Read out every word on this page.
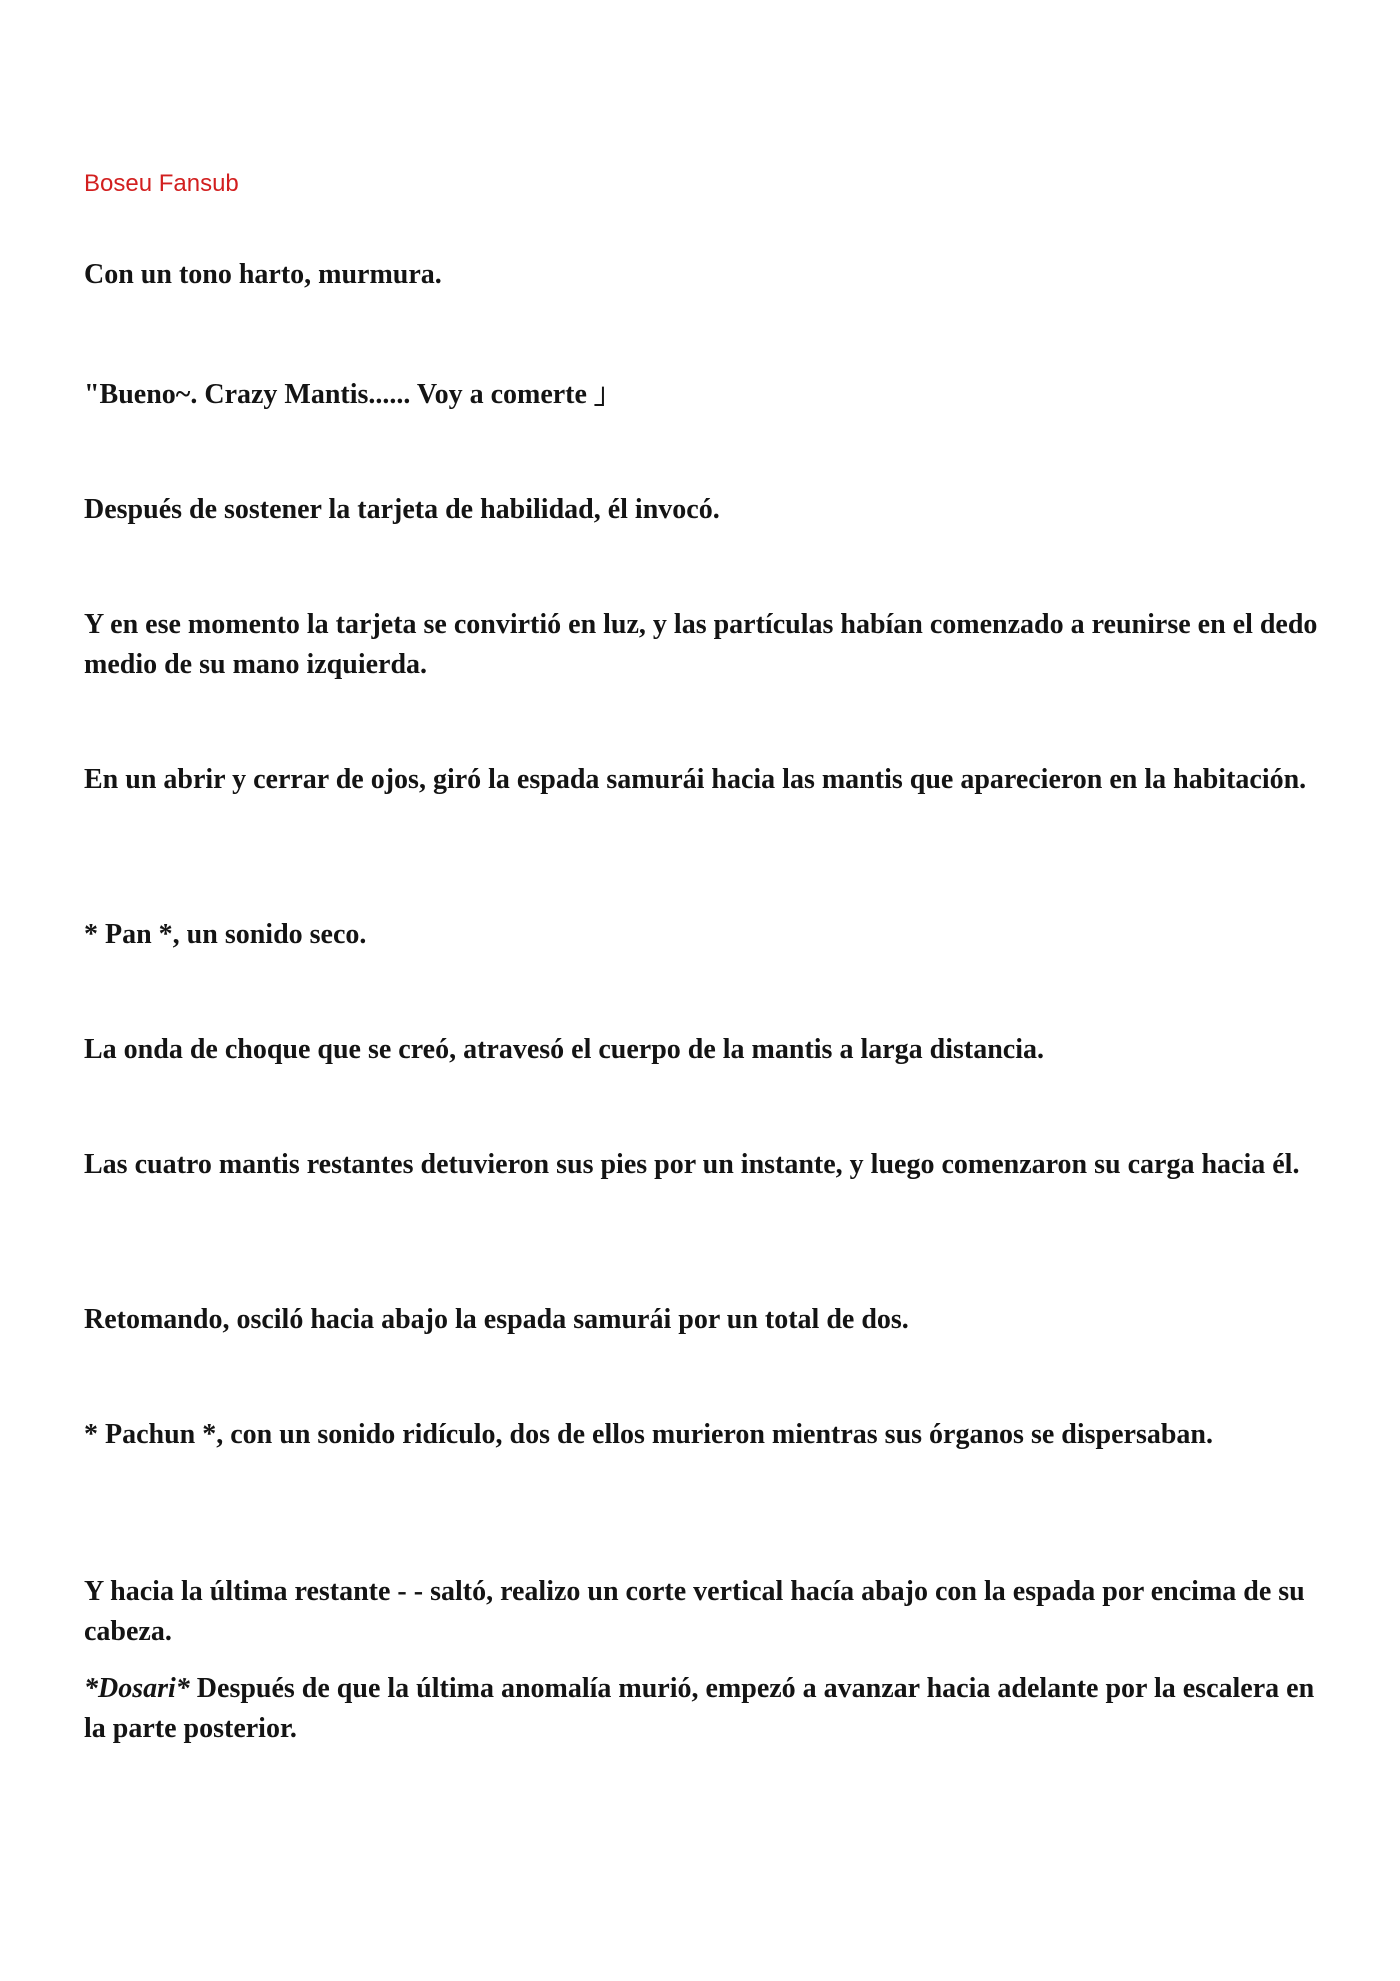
Boseu Fansub

Con un tono harto, murmura.

"Bueno~. Crazy Mantis...... Voy a comerte 」

Después de sostener la tarjeta de habilidad, él invocó.

Y en ese momento la tarjeta se convirtió en luz, y las partículas habían comenzado a reunirse en el dedo medio de su mano izquierda.

En un abrir y cerrar de ojos, giró la espada samurái hacia las mantis que aparecieron en la habitación.

* Pan *, un sonido seco.

La onda de choque que se creó, atravesó el cuerpo de la mantis a larga distancia.

Las cuatro mantis restantes detuvieron sus pies por un instante, y luego comenzaron su carga hacia él.

Retomando, osciló hacia abajo la espada samurái por un total de dos.

* Pachun *, con un sonido ridículo, dos de ellos murieron mientras sus órganos se dispersaban.

Y hacia la última restante - - saltó, realizo un corte vertical hacía abajo con la espada por encima de su cabeza.

*Dosari* Después de que la última anomalía murió, empezó a avanzar hacia adelante por la escalera en la parte posterior.
